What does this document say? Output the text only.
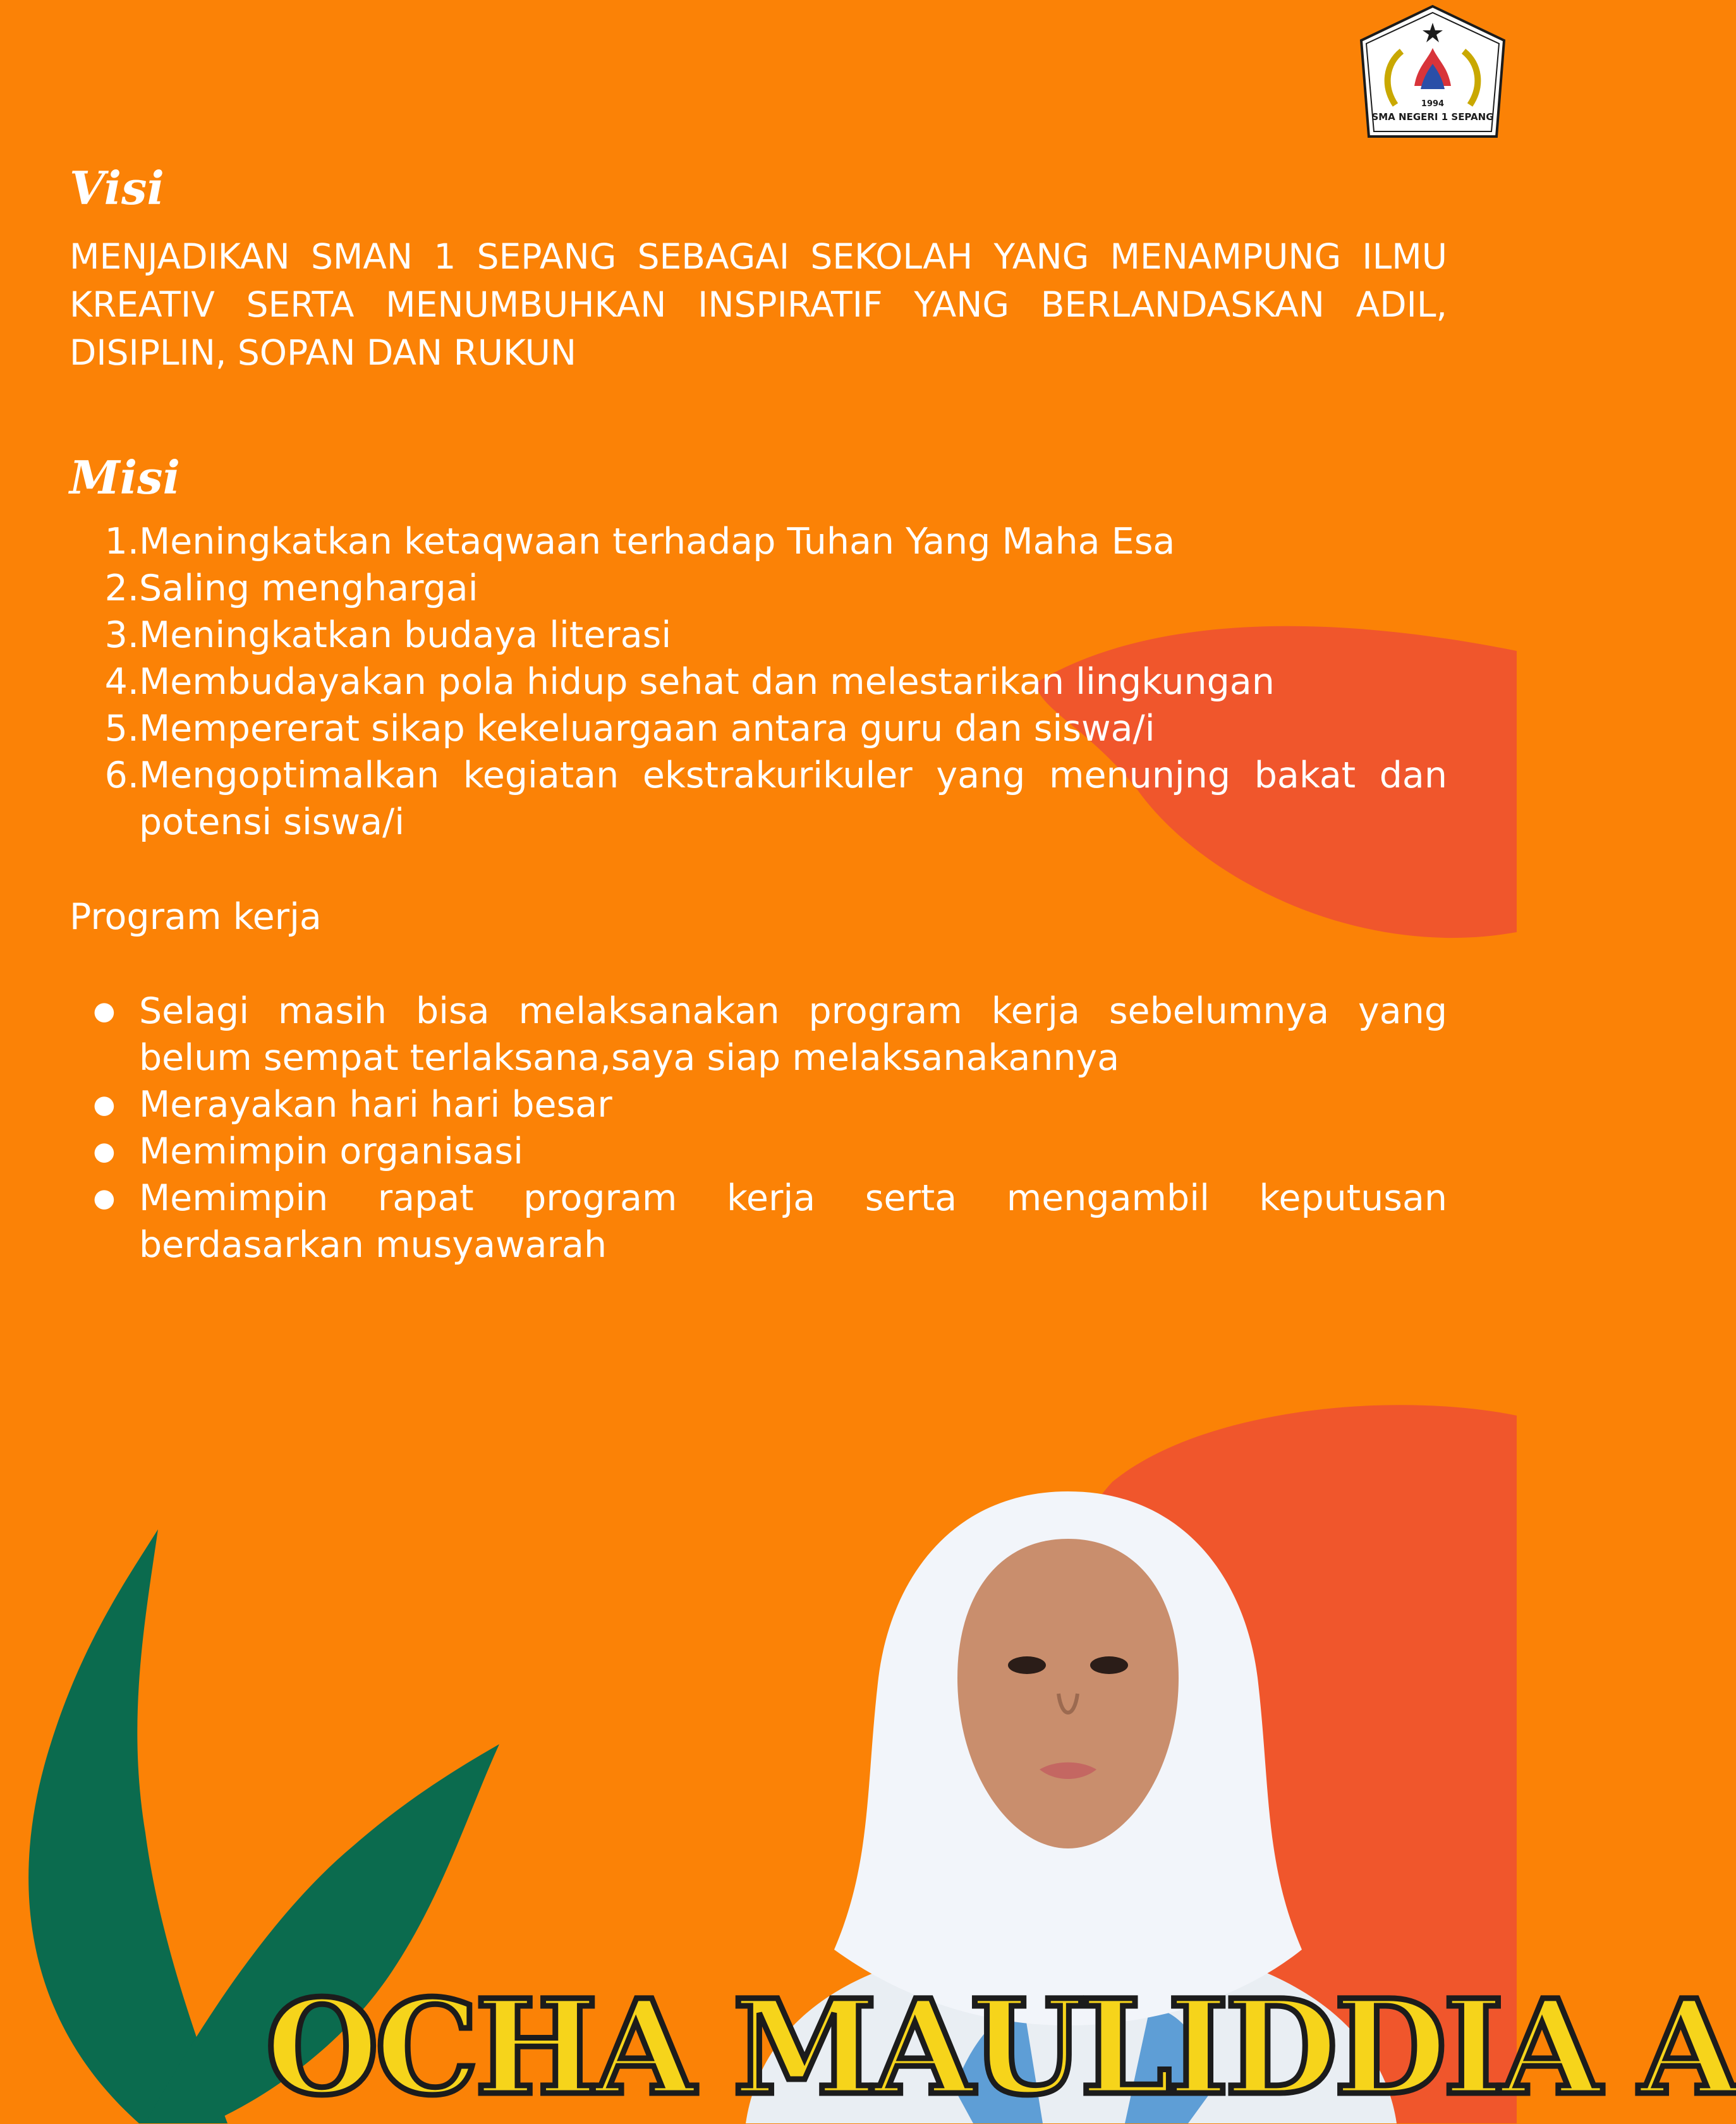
1994
SMA NEGERI 1 SEPANG
Visi

MENJADIKAN SMAN 1 SEPANG SEBAGAI SEKOLAH YANG MENAMPUNG ILMU KREATIV SERTA MENUMBUHKAN INSPIRATIF YANG BERLANDASKAN ADIL, DISIPLIN, SOPAN DAN RUKUN

Misi
1. Meningkatkan ketaqwaan terhadap Tuhan Yang Maha Esa
2. Saling menghargai
3. Meningkatkan budaya literasi
4. Membudayakan pola hidup sehat dan melestarikan lingkungan
5. Mempererat sikap kekeluargaan antara guru dan siswa/i
6. Mengoptimalkan kegiatan ekstrakurikuler yang menunjng bakat dan potensi siswa/i

Program kerja

● Selagi masih bisa melaksanakan program kerja sebelumnya yang belum sempat terlaksana,saya siap melaksanakannya
● Merayakan hari hari besar
● Memimpin organisasi
● Memimpin rapat program kerja serta mengambil keputusan berdasarkan musyawarah

OCHA MAULIDDIA A
